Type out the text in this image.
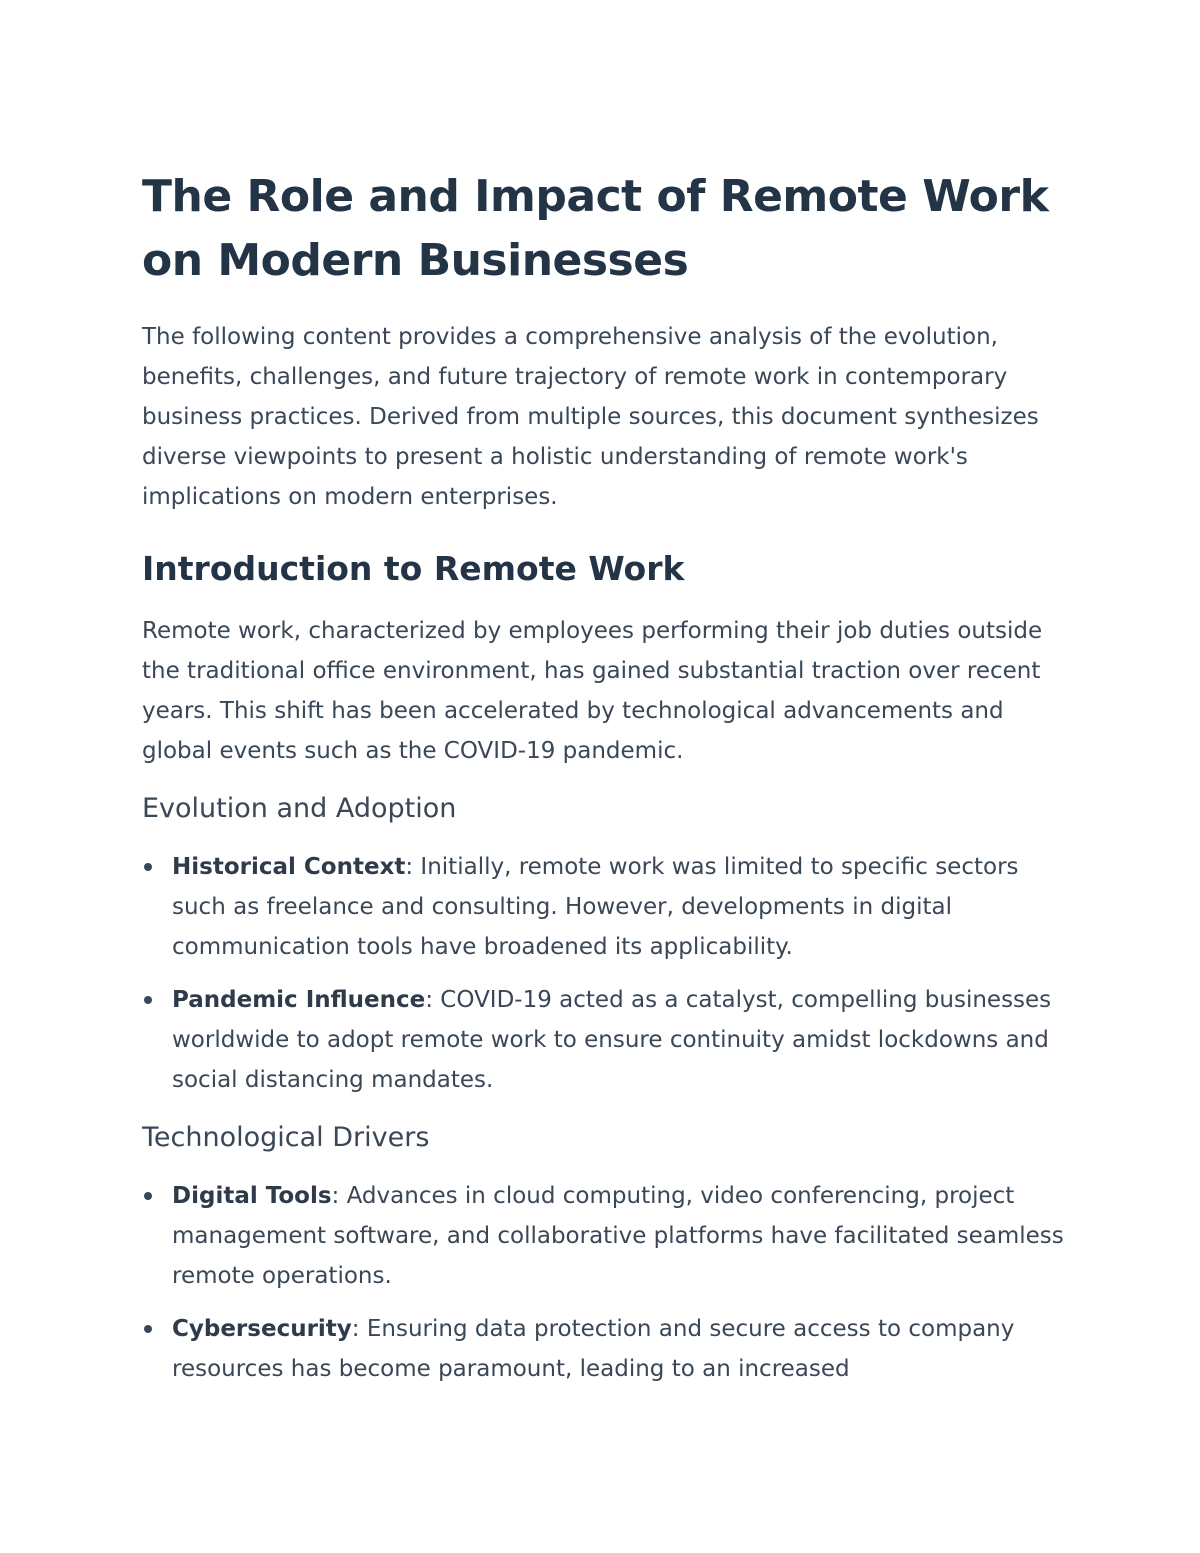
The Role and Impact of Remote Work on Modern Businesses

The following content provides a comprehensive analysis of the evolution, benefits, challenges, and future trajectory of remote work in contemporary business practices. Derived from multiple sources, this document synthesizes diverse viewpoints to present a holistic understanding of remote work's implications on modern enterprises.

Introduction to Remote Work

Remote work, characterized by employees performing their job duties outside the traditional office environment, has gained substantial traction over recent years. This shift has been accelerated by technological advancements and global events such as the COVID-19 pandemic.

Evolution and Adoption
Historical Context: Initially, remote work was limited to specific sectors such as freelance and consulting. However, developments in digital communication tools have broadened its applicability.
Pandemic Influence: COVID-19 acted as a catalyst, compelling businesses worldwide to adopt remote work to ensure continuity amidst lockdowns and social distancing mandates.
Technological Drivers
Digital Tools: Advances in cloud computing, video conferencing, project management software, and collaborative platforms have facilitated seamless remote operations.
Cybersecurity: Ensuring data protection and secure access to company resources has become paramount, leading to an increased
